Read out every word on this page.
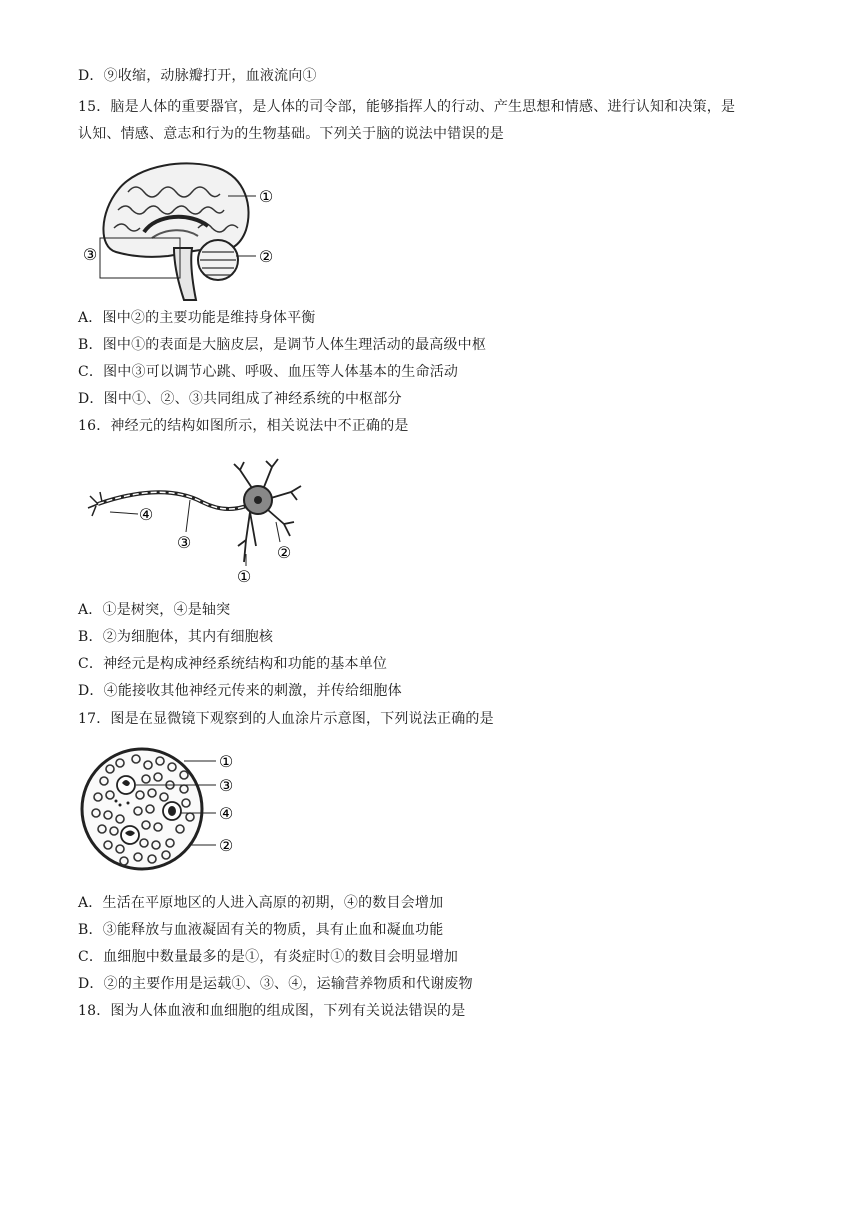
D．⑨收缩，动脉瓣打开，血液流向①
15．脑是人体的重要器官，是人体的司令部，能够指挥人的行动、产生思想和情感、进行认知和决策，是
认知、情感、意志和行为的生物基础。下列关于脑的说法中错误的是
①
②
③
A．图中②的主要功能是维持身体平衡
B．图中①的表面是大脑皮层，是调节人体生理活动的最高级中枢
C．图中③可以调节心跳、呼吸、血压等人体基本的生命活动
D．图中①、②、③共同组成了神经系统的中枢部分
16．神经元的结构如图所示，相关说法中不正确的是
④
③
②
①
A．①是树突，④是轴突
B．②为细胞体，其内有细胞核
C．神经元是构成神经系统结构和功能的基本单位
D．④能接收其他神经元传来的刺激，并传给细胞体
17．图是在显微镜下观察到的人血涂片示意图，下列说法正确的是
①
③
④
②
A．生活在平原地区的人进入高原的初期，④的数目会增加
B．③能释放与血液凝固有关的物质，具有止血和凝血功能
C．血细胞中数量最多的是①，有炎症时①的数目会明显增加
D．②的主要作用是运载①、③、④，运输营养物质和代谢废物
18．图为人体血液和血细胞的组成图，下列有关说法错误的是
